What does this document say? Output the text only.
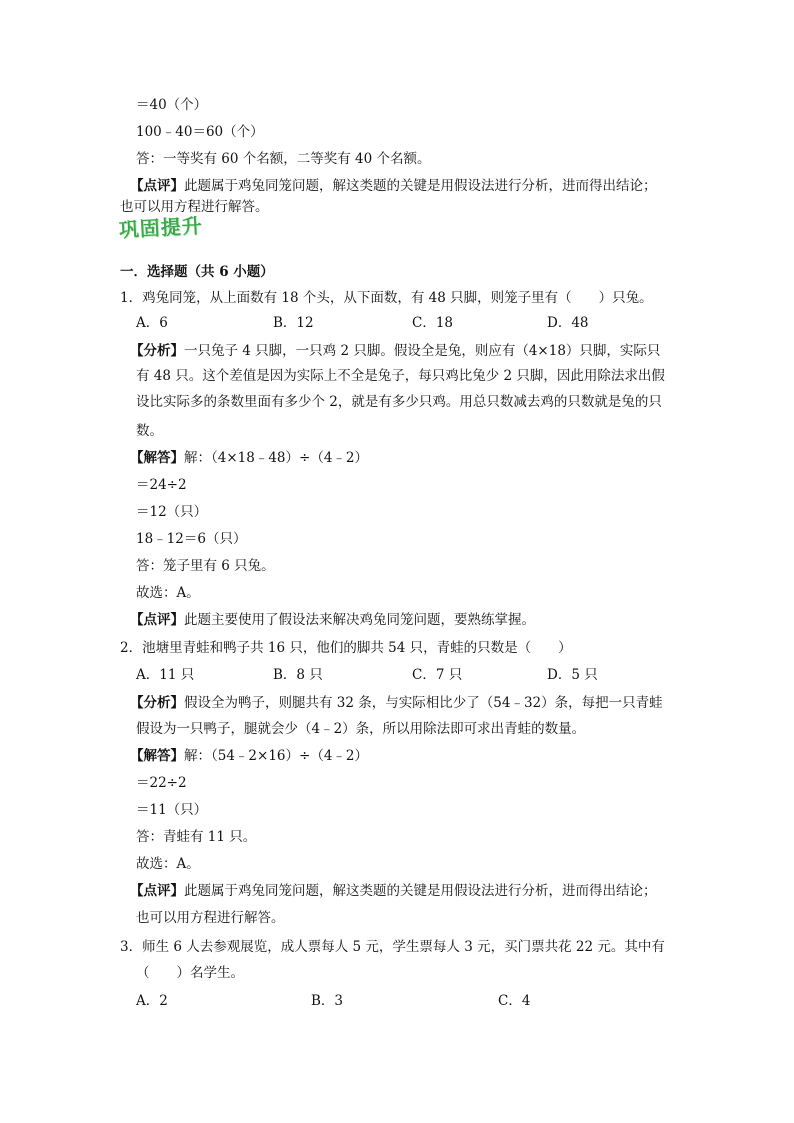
＝40（个）
100﹣40＝60（个）
答：一等奖有 60 个名额，二等奖有 40 个名额。
【点评】此题属于鸡兔同笼问题，解这类题的关键是用假设法进行分析，进而得出结论；
也可以用方程进行解答。
巩固提升
一．选择题（共 6 小题）
1．鸡兔同笼，从上面数有 18 个头，从下面数，有 48 只脚，则笼子里有（　　）只兔。
A．6	B．12	C．18	D．48
【分析】一只兔子 4 只脚，一只鸡 2 只脚。假设全是兔，则应有（4×18）只脚，实际只
有 48 只。这个差值是因为实际上不全是兔子，每只鸡比兔少 2 只脚，因此用除法求出假
设比实际多的条数里面有多少个 2，就是有多少只鸡。用总只数减去鸡的只数就是兔的只
数。
【解答】解：（4×18﹣48）÷（4﹣2）
＝24÷2
＝12（只）
18﹣12＝6（只）
答：笼子里有 6 只兔。
故选：A。
【点评】此题主要使用了假设法来解决鸡兔同笼问题，要熟练掌握。
2．池塘里青蛙和鸭子共 16 只，他们的脚共 54 只，青蛙的只数是（　　）
A．11 只	B．8 只	C．7 只	D．5 只
【分析】假设全为鸭子，则腿共有 32 条，与实际相比少了（54﹣32）条，每把一只青蛙
假设为一只鸭子，腿就会少（4﹣2）条，所以用除法即可求出青蛙的数量。
【解答】解：（54﹣2×16）÷（4﹣2）
＝22÷2
＝11（只）
答：青蛙有 11 只。
故选：A。
【点评】此题属于鸡兔同笼问题，解这类题的关键是用假设法进行分析，进而得出结论；
也可以用方程进行解答。
3．师生 6 人去参观展览，成人票每人 5 元，学生票每人 3 元，买门票共花 22 元。其中有
（　　）名学生。
A．2	B．3	C．4
